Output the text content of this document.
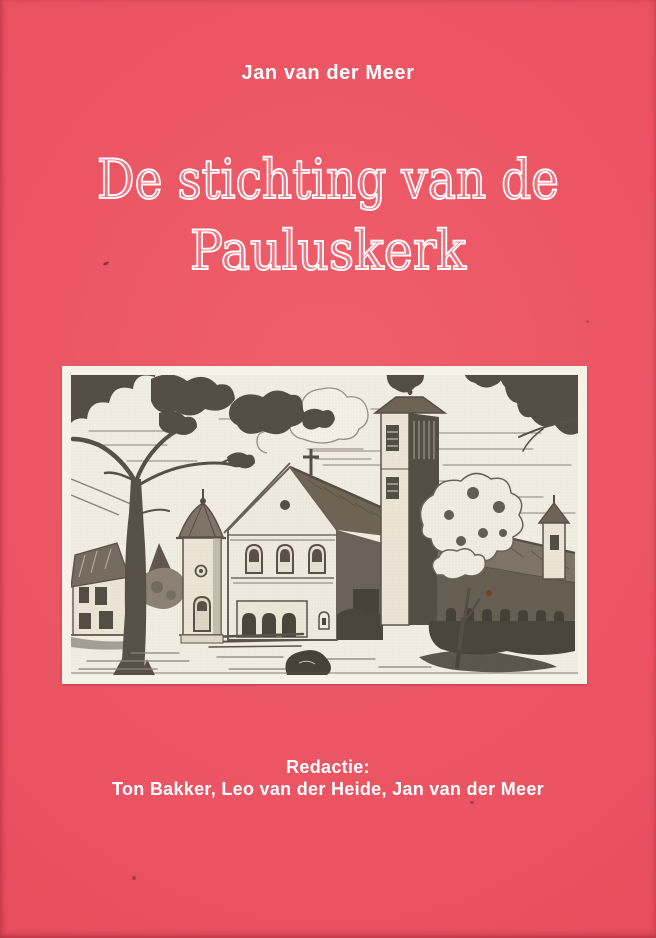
Jan van der Meer
De stichting van de
Pauluskerk
Redactie:
Ton Bakker, Leo van der Heide, Jan van der Meer
